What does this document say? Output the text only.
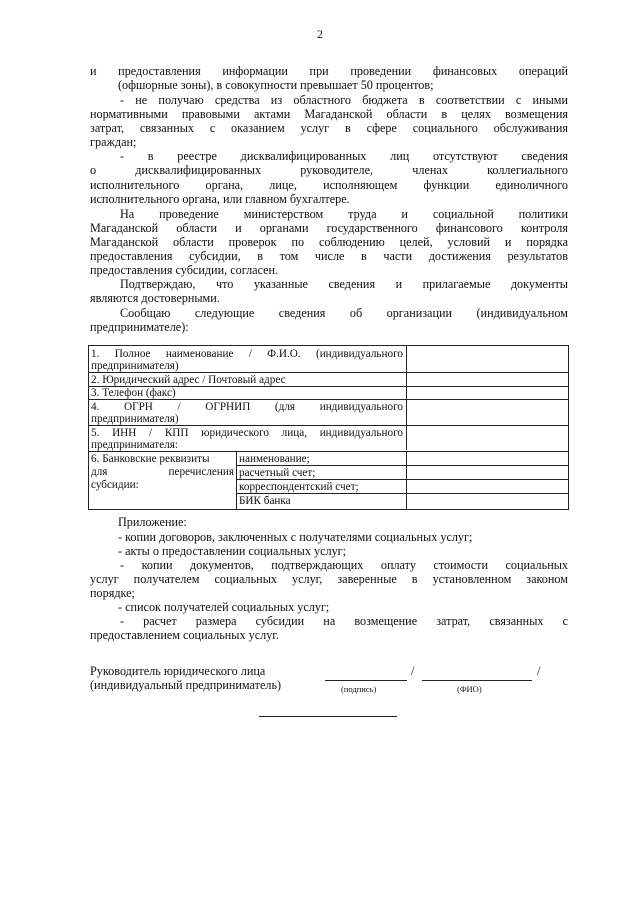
2
и предоставления информации при проведении финансовых операций
(офшорные зоны), в совокупности превышает 50 процентов;
- не получаю средства из областного бюджета в соответствии с иными
нормативными правовыми актами Магаданской области в целях возмещения
затрат, связанных с оказанием услуг в сфере социального обслуживания
граждан;
- в реестре дисквалифицированных лиц отсутствуют сведения
о дисквалифицированных руководителе, членах коллегиального
исполнительного органа, лице, исполняющем функции единоличного
исполнительного органа, или главном бухгалтере.
На проведение министерством труда и социальной политики
Магаданской области и органами государственного финансового контроля
Магаданской области проверок по соблюдению целей, условий и порядка
предоставления субсидии, в том числе в части достижения результатов
предоставления субсидии, согласен.
Подтверждаю, что указанные сведения и прилагаемые документы
являются достоверными.
Сообщаю следующие сведения об организации (индивидуальном
предпринимателе):
1. Полное наименование / Ф.И.О. (индивидуального
предпринимателя)
2. Юридический адрес / Почтовый адрес
3. Телефон (факс)
4. ОГРН / ОГРНИП (для индивидуального
предпринимателя)
5. ИНН / КПП юридического лица, индивидуального
предпринимателя:
6. Банковские реквизиты
для перечисления
субсидии:
наименование;
расчетный счет;
корреспондентский счет;
БИК банка
Приложение:
- копии договоров, заключенных с получателями социальных услуг;
- акты о предоставлении социальных услуг;
- копии документов, подтверждающих оплату стоимости социальных
услуг получателем социальных услуг, заверенные в установленном законом
порядке;
- список получателей социальных услуг;
- расчет размера субсидии на возмещение затрат, связанных с
предоставлением социальных услуг.
Руководитель юридического лица
(индивидуальный предприниматель)
/	/
(подпись)	(ФИО)
